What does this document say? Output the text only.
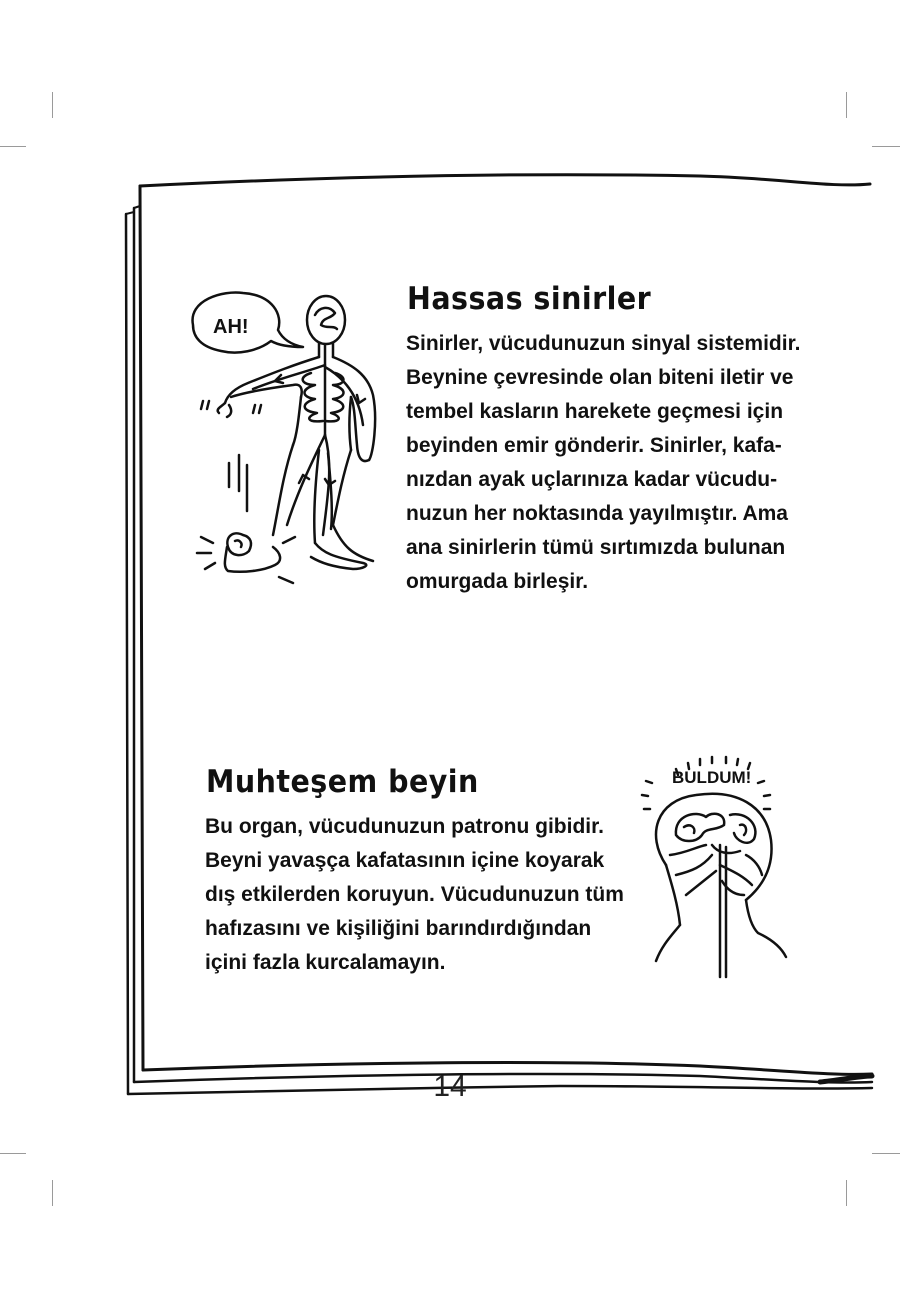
Hassas sinirler
Sinirler, vücudunuzun sinyal sistemidir.
Beynine çevresinde olan biteni iletir ve
tembel kasların harekete geçmesi için
beyinden emir gönderir. Sinirler, kafa-
nızdan ayak uçlarınıza kadar vücudu-
nuzun her noktasında yayılmıştır. Ama
ana sinirlerin tümü sırtımızda bulunan
omurgada birleşir.
AH!
Muhteşem beyin
Bu organ, vücudunuzun patronu gibidir.
Beyni yavaşça kafatasının içine koyarak
dış etkilerden koruyun. Vücudunuzun tüm
hafızasını ve kişiliğini barındırdığından
içini fazla kurcalamayın.
BULDUM!
14
